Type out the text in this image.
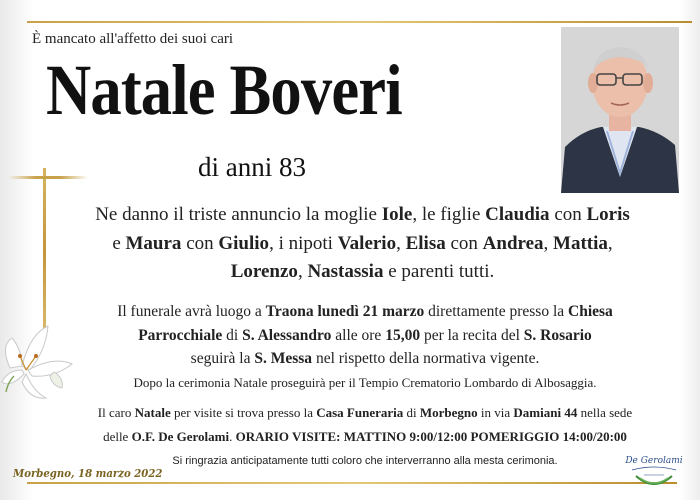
È mancato all'affetto dei suoi cari
Natale Boveri
di anni 83
Ne danno il triste annuncio la moglie Iole, le figlie Claudia con Loris
e Maura con Giulio, i nipoti Valerio, Elisa con Andrea, Mattia,
Lorenzo, Nastassia e parenti tutti.
Il funerale avrà luogo a Traona lunedì 21 marzo direttamente presso la Chiesa
Parrocchiale di S. Alessandro alle ore 15,00 per la recita del S. Rosario
seguirà la S. Messa nel rispetto della normativa vigente.
Dopo la cerimonia Natale proseguirà per il Tempio Crematorio Lombardo di Albosaggia.
Il caro Natale per visite si trova presso la Casa Funeraria di Morbegno in via Damiani 44 nella sede
delle O.F. De Gerolami. ORARIO VISITE: MATTINO 9:00/12:00 POMERIGGIO 14:00/20:00
Si ringrazia anticipatamente tutti coloro che interverranno alla mesta cerimonia.
Morbegno, 18 marzo 2022
De Gerolami
